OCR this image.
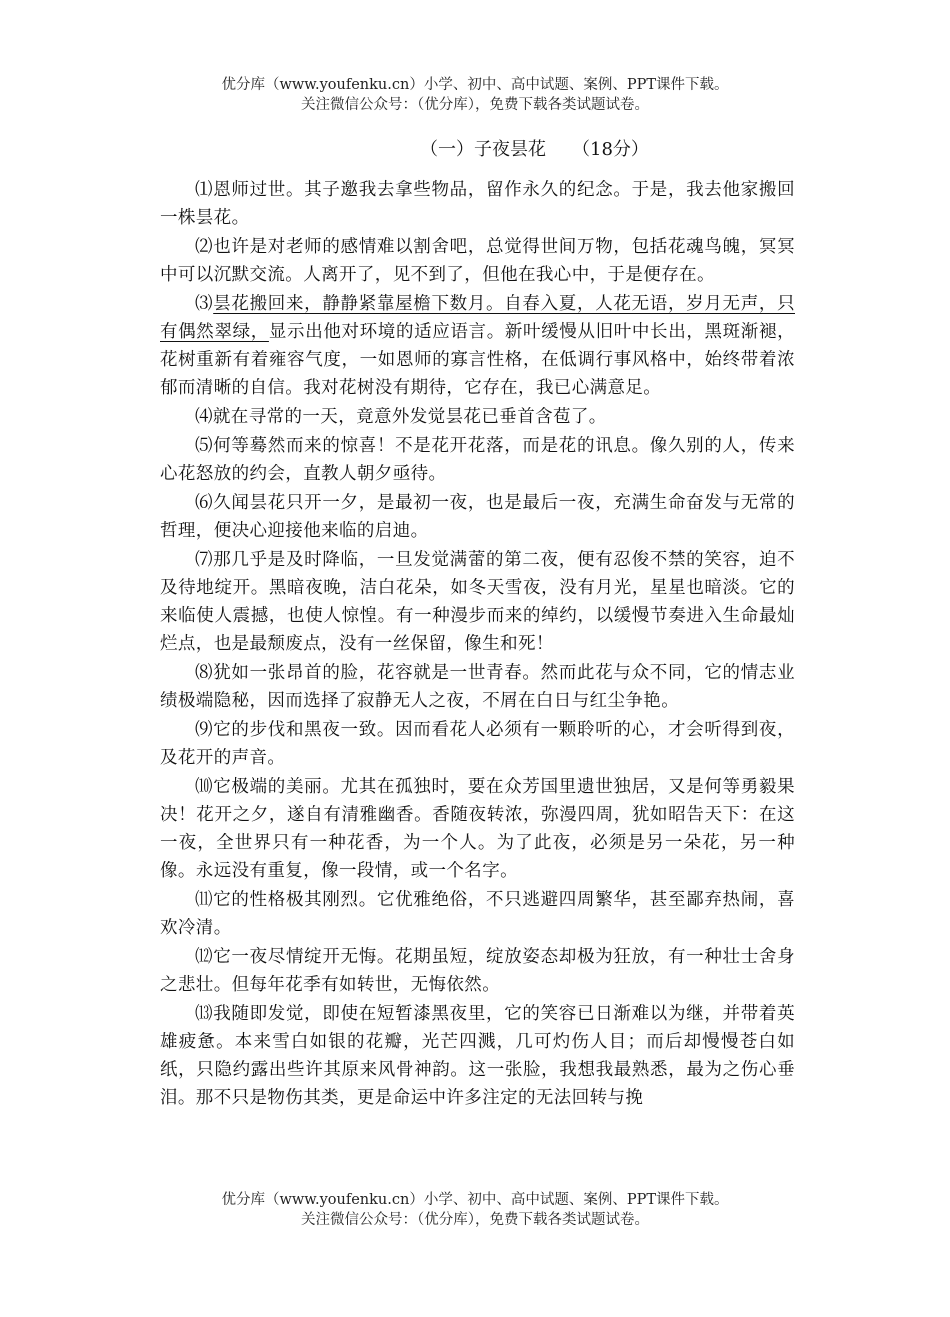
优分库（www.youfenku.cn）小学、初中、高中试题、案例、PPT课件下载。
关注微信公众号：（优分库），免费下载各类试题试卷。
（一）子夜昙花 （18分）

⑴恩师过世。其子邀我去拿些物品，留作永久的纪念。于是，我去他家搬回一株昙花。

⑵也许是对老师的感情难以割舍吧，总觉得世间万物，包括花魂鸟魄，冥冥中可以沉默交流。人离开了，见不到了，但他在我心中，于是便存在。

⑶昙花搬回来，静静紧靠屋檐下数月。自春入夏，人花无语，岁月无声，只有偶然翠绿，显示出他对环境的适应语言。新叶缓慢从旧叶中长出，黑斑渐褪，花树重新有着雍容气度，一如恩师的寡言性格，在低调行事风格中，始终带着浓郁而清晰的自信。我对花树没有期待，它存在，我已心满意足。

⑷就在寻常的一天，竟意外发觉昙花已垂首含苞了。

⑸何等蓦然而来的惊喜！不是花开花落，而是花的讯息。像久别的人，传来心花怒放的约会，直教人朝夕亟待。

⑹久闻昙花只开一夕，是最初一夜，也是最后一夜，充满生命奋发与无常的哲理，便决心迎接他来临的启迪。

⑺那几乎是及时降临，一旦发觉满蕾的第二夜，便有忍俊不禁的笑容，迫不及待地绽开。黑暗夜晚，洁白花朵，如冬天雪夜，没有月光，星星也暗淡。它的来临使人震撼，也使人惊惶。有一种漫步而来的绰约，以缓慢节奏进入生命最灿烂点，也是最颓废点，没有一丝保留，像生和死！

⑻犹如一张昂首的脸，花容就是一世青春。然而此花与众不同，它的情志业绩极端隐秘，因而选择了寂静无人之夜，不屑在白日与红尘争艳。

⑼它的步伐和黑夜一致。因而看花人必须有一颗聆听的心，才会听得到夜，及花开的声音。

⑽它极端的美丽。尤其在孤独时，要在众芳国里遗世独居，又是何等勇毅果决！花开之夕，遂自有清雅幽香。香随夜转浓，弥漫四周，犹如昭告天下：在这一夜，全世界只有一种花香，为一个人。为了此夜，必须是另一朵花，另一种像。永远没有重复，像一段情，或一个名字。

⑾它的性格极其刚烈。它优雅绝俗，不只逃避四周繁华，甚至鄙弃热闹，喜欢冷清。

⑿它一夜尽情绽开无悔。花期虽短，绽放姿态却极为狂放，有一种壮士舍身之悲壮。但每年花季有如转世，无悔依然。

⒀我随即发觉，即使在短暂漆黑夜里，它的笑容已日渐难以为继，并带着英雄疲惫。本来雪白如银的花瓣，光芒四溅，几可灼伤人目；而后却慢慢苍白如纸，只隐约露出些许其原来风骨神韵。这一张脸，我想我最熟悉，最为之伤心垂泪。那不只是物伤其类，更是命运中许多注定的无法回转与挽

优分库（www.youfenku.cn）小学、初中、高中试题、案例、PPT课件下载。
关注微信公众号：（优分库），免费下载各类试题试卷。
